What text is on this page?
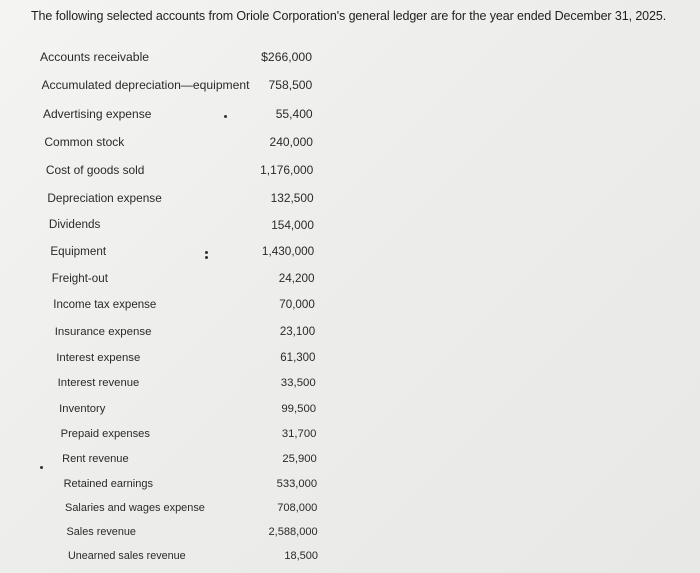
The following selected accounts from Oriole Corporation's general ledger are for the year ended December 31, 2025.
Accounts receivable	$266,000
Accumulated depreciation—equipment	758,500
Advertising expense	55,400
Common stock	240,000
Cost of goods sold	1,176,000
Depreciation expense	132,500
Dividends	154,000
Equipment	1,430,000
Freight-out	24,200
Income tax expense	70,000
Insurance expense	23,100
Interest expense	61,300
Interest revenue	33,500
Inventory	99,500
Prepaid expenses	31,700
Rent revenue	25,900
Retained earnings	533,000
Salaries and wages expense	708,000
Sales revenue	2,588,000
Unearned sales revenue	18,500
